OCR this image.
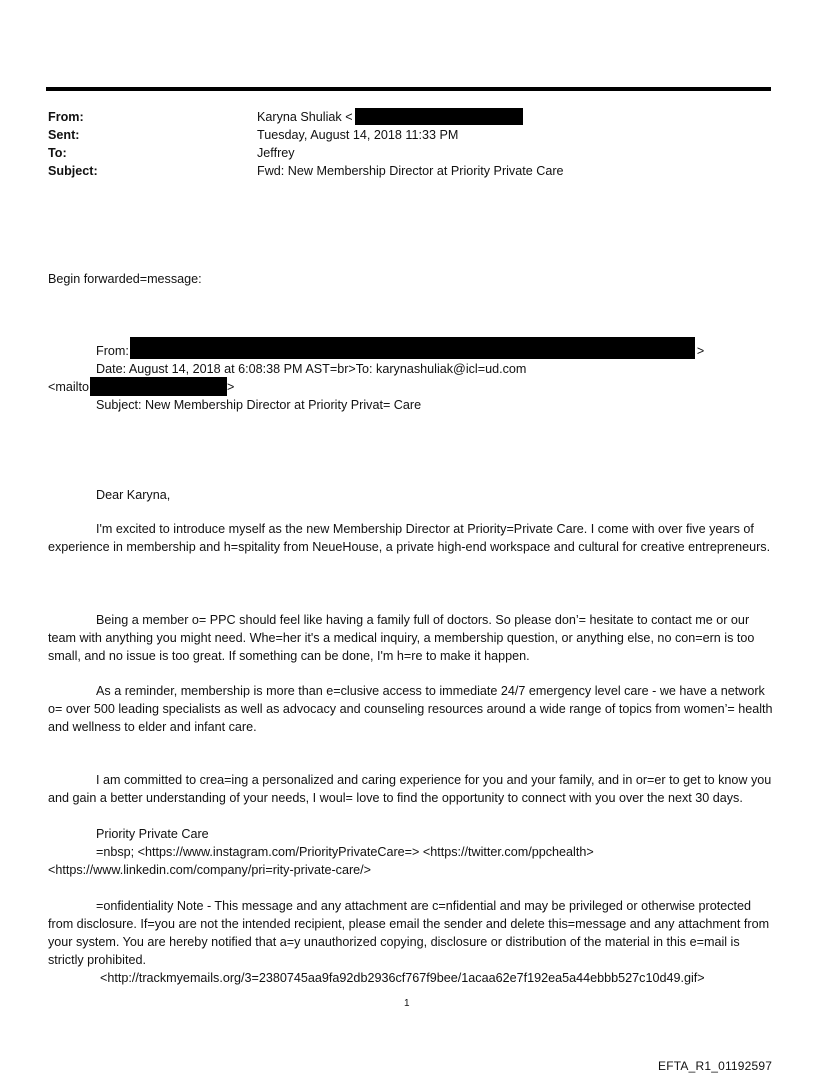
From:	Karyna Shuliak <
Sent:	Tuesday, August 14, 2018 11:33 PM
To:	Jeffrey
Subject:	Fwd: New Membership Director at Priority Private Care
Begin forwarded=message:
From:	>
Date: August 14, 2018 at 6:08:38 PM AST=br>To: karynashuliak@icl=ud.com
<mailto	>
Subject: New Membership Director at Priority Privat= Care
Dear Karyna,

I'm excited to introduce myself as the new Membership Director at Priority=Private Care. I come with over five years of experience in membership and h=spitality from NeueHouse, a private high-end workspace and cultural for creative entrepreneurs.

Being a member o= PPC should feel like having a family full of doctors. So please don’= hesitate to contact me or our team with anything you might need. Whe=her it's a medical inquiry, a membership question, or anything else, no con=ern is too small, and no issue is too great. If something can be done, I'm h=re to make it happen.

As a reminder, membership is more than e=clusive access to immediate 24/7 emergency level care - we have a network o= over 500 leading specialists as well as advocacy and counseling resources around a wide range of topics from women’= health and wellness to elder and infant care.

I am committed to crea=ing a personalized and caring experience for you and your family, and in or=er to get to know you and gain a better understanding of your needs, I woul= love to find the opportunity to connect with you over the next 30 days.

Priority Private Care
=nbsp; <https://www.instagram.com/PriorityPrivateCare=> <https://twitter.com/ppchealth>
<https://www.linkedin.com/company/pri=rity-private-care/>

=onfidentiality Note - This message and any attachment are c=nfidential and may be privileged or otherwise protected from disclosure. If=you are not the intended recipient, please email the sender and delete this=message and any attachment from your system. You are hereby notified that a=y unauthorized copying, disclosure or distribution of the material in this e=mail is strictly prohibited.

<http://trackmyemails.org/3=2380745aa9fa92db2936cf767f9bee/1acaa62e7f192ea5a44ebbb527c10d49.gif>
1
EFTA_R1_01192597
